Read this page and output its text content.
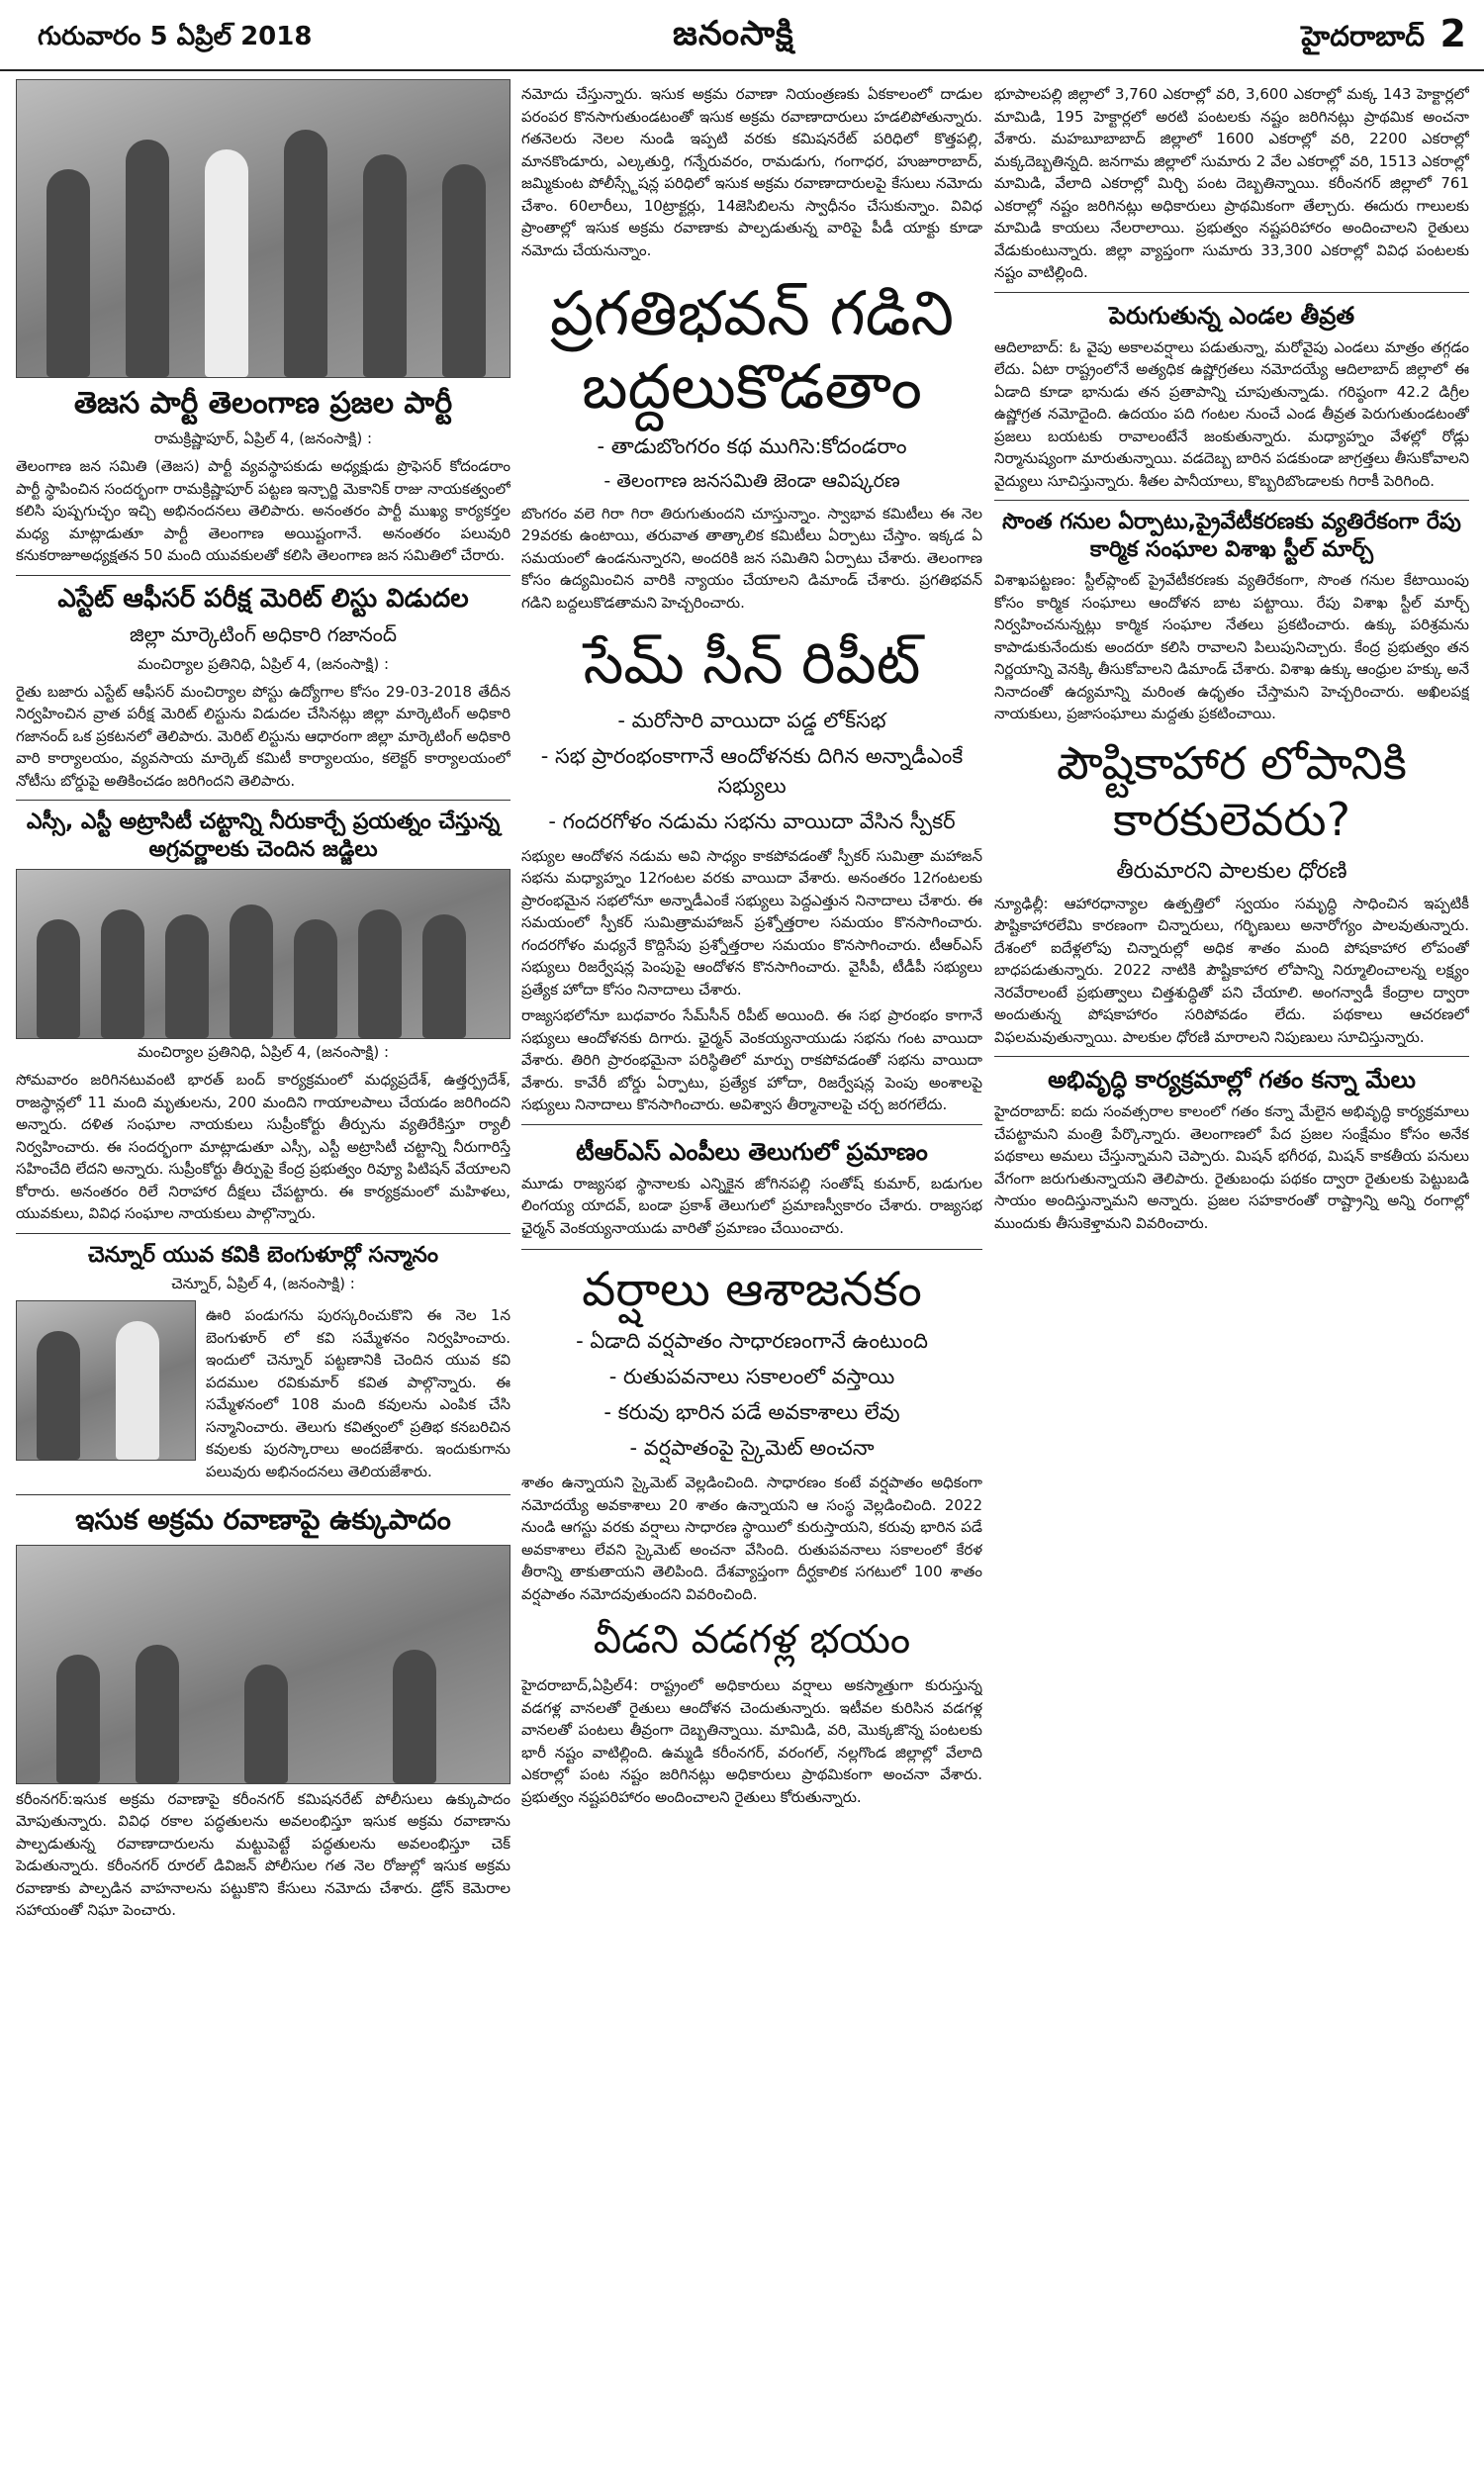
గురువారం 5 ఏప్రిల్ 2018	జనంసాక్షి	హైదరాబాద్ 2
తెజస పార్టీ తెలంగాణ ప్రజల పార్టీ
రామక్రిష్ణాపూర్, ఏప్రిల్ 4, (జనంసాక్షి) :
తెలంగాణ జన సమితి (తెజస) పార్టీ వ్యవస్థాపకుడు అధ్యక్షుడు ప్రొఫెసర్ కోదండరాం పార్టీ స్థాపించిన సందర్భంగా రామక్రిష్ణాపూర్ పట్టణ ఇన్చార్జి మెకానిక్ రాజు నాయకత్వంలో కలిసి పుష్పగుచ్ఛం ఇచ్చి అభినందనలు తెలిపారు. అనంతరం పార్టీ ముఖ్య కార్యకర్తల మధ్య మాట్లాడుతూ పార్టీ తెలంగాణ అయిష్టంగానే. అనంతరం పలువురి కనుకరాజూఅధ్యక్షతన 50 మంది యువకులతో కలిసి తెలంగాణ జన సమితిలో చేరారు.
ఎస్టేట్ ఆఫీసర్ పరీక్ష మెరిట్ లిస్టు విడుదల
జిల్లా మార్కెటింగ్ అధికారి గజానంద్
మంచిర్యాల ప్రతినిధి, ఏప్రిల్ 4, (జనంసాక్షి) :
రైతు బజారు ఎస్టేట్ ఆఫీసర్ మంచిర్యాల పోస్టు ఉద్యోగాల కోసం 29-03-2018 తేదీన నిర్వహించిన వ్రాత పరీక్ష మెరిట్ లిస్టును విడుదల చేసినట్లు జిల్లా మార్కెటింగ్ అధికారి గజానంద్ ఒక ప్రకటనలో తెలిపారు. మెరిట్ లిస్టును ఆధారంగా జిల్లా మార్కెటింగ్ అధికారి వారి కార్యాలయం, వ్యవసాయ మార్కెట్ కమిటీ కార్యాలయం, కలెక్టర్ కార్యాలయంలో నోటీసు బోర్డుపై అతికించడం జరిగిందని తెలిపారు.
ఎస్సీ, ఎస్టీ అట్రాసిటీ చట్టాన్ని నీరుకార్చే ప్రయత్నం చేస్తున్న అగ్రవర్ణాలకు చెందిన జడ్జిలు
మంచిర్యాల ప్రతినిధి, ఏప్రిల్ 4, (జనంసాక్షి) :
సోమవారం జరిగినటువంటి భారత్ బంద్ కార్యక్రమంలో మధ్యప్రదేశ్, ఉత్తర్ప్రదేశ్, రాజస్థాన్లలో 11 మంది మృతులను, 200 మందిని గాయాలపాలు చేయడం జరిగిందని అన్నారు. దళిత సంఘాల నాయకులు సుప్రీంకోర్టు తీర్పును వ్యతిరేకిస్తూ ర్యాలీ నిర్వహించారు. ఈ సందర్భంగా మాట్లాడుతూ ఎస్సీ, ఎస్టీ అట్రాసిటీ చట్టాన్ని నీరుగారిస్తే సహించేది లేదని అన్నారు. సుప్రీంకోర్టు తీర్పుపై కేంద్ర ప్రభుత్వం రివ్యూ పిటిషన్ వేయాలని కోరారు. అనంతరం రిలే నిరాహార దీక్షలు చేపట్టారు. ఈ కార్యక్రమంలో మహిళలు, యువకులు, వివిధ సంఘాల నాయకులు పాల్గొన్నారు.
చెన్నూర్ యువ కవికి బెంగుళూర్లో సన్మానం
చెన్నూర్, ఏప్రిల్ 4, (జనంసాక్షి) :
ఊరి పండుగను పురస్కరించుకొని ఈ నెల 1న బెంగుళూర్ లో కవి సమ్మేళనం నిర్వహించారు. ఇందులో చెన్నూర్ పట్టణానికి చెందిన యువ కవి పదముల రవికుమార్ కవిత పాల్గొన్నారు. ఈ సమ్మేళనంలో 108 మంది కవులను ఎంపిక చేసి సన్మానించారు. తెలుగు కవిత్వంలో ప్రతిభ కనబరిచిన కవులకు పురస్కారాలు అందజేశారు. ఇందుకుగాను పలువురు అభినందనలు తెలియజేశారు.
ఇసుక అక్రమ రవాణాపై ఉక్కుపాదం
కరీంనగర్:ఇసుక అక్రమ రవాణాపై కరీంనగర్ కమిషనరేట్ పోలీసులు ఉక్కుపాదం మోపుతున్నారు. వివిధ రకాల పద్ధతులను అవలంభిస్తూ ఇసుక అక్రమ రవాణాను పాల్పడుతున్న రవాణాదారులను మట్టుపెట్టే పద్ధతులను అవలంభిస్తూ చెక్ పెడుతున్నారు. కరీంనగర్ రూరల్ డివిజన్ పోలీసుల గత నెల రోజుల్లో ఇసుక అక్రమ రవాణాకు పాల్పడిన వాహనాలను పట్టుకొని కేసులు నమోదు చేశారు. డ్రోన్ కెమెరాల సహాయంతో నిఘా పెంచారు.
నమోదు చేస్తున్నారు. ఇసుక అక్రమ రవాణా నియంత్రణకు ఏకకాలంలో దాడుల పరంపర కొనసాగుతుండటంతో ఇసుక అక్రమ రవాణాదారులు హడలిపోతున్నారు. గతనెలరు నెలల నుండి ఇప్పటి వరకు కమిషనరేట్ పరిధిలో కొత్తపల్లి, మానకొండూరు, ఎల్కతుర్తి, గన్నేరువరం, రామడుగు, గంగాధర, హుజూరాబాద్, జమ్మికుంట పోలీస్స్టేషన్ల పరిధిలో ఇసుక అక్రమ రవాణాదారులపై కేసులు నమోదు చేశాం. 60లారీలు, 10ట్రాక్టర్లు, 14జెసిబిలను స్వాధీనం చేసుకున్నాం. వివిధ ప్రాంతాల్లో ఇసుక అక్రమ రవాణాకు పాల్పడుతున్న వారిపై పీడీ యాక్టు కూడా నమోదు చేయనున్నాం.
ప్రగతిభవన్ గడిని బద్దలుకొడతాం
- తాడుబొంగరం కథ ముగిసె:కోదండరాం
- తెలంగాణ జనసమితి జెండా ఆవిష్కరణ
బొంగరం వలె గిరా గిరా తిరుగుతుందని చూస్తున్నాం. స్వాభావ కమిటీలు ఈ నెల 29వరకు ఉంటాయి, తరువాత తాత్కాలిక కమిటీలు ఏర్పాటు చేస్తాం. ఇక్కడ ఏ సమయంలో ఉండనున్నారని, అందరికి జన సమితిని ఏర్పాటు చేశారు. తెలంగాణ కోసం ఉద్యమించిన వారికి న్యాయం చేయాలని డిమాండ్ చేశారు. ప్రగతిభవన్ గడిని బద్దలుకొడతామని హెచ్చరించారు.
సేమ్ సీన్ రిపీట్
- మరోసారి వాయిదా పడ్డ లోక్‌సభ
- సభ ప్రారంభంకాగానే ఆందోళనకు దిగిన అన్నాడీఎంకే సభ్యులు
- గందరగోళం నడుమ సభను వాయిదా వేసిన స్పీకర్
సభ్యుల ఆందోళన నడుమ అవి సాధ్యం కాకపోవడంతో స్పీకర్ సుమిత్రా మహాజన్ సభను మధ్యాహ్నం 12గంటల వరకు వాయిదా వేశారు. అనంతరం 12గంటలకు ప్రారంభమైన సభలోనూ అన్నాడీఎంకే సభ్యులు పెద్దఎత్తున నినాదాలు చేశారు. ఈ సమయంలో స్పీకర్ సుమిత్రామహాజన్ ప్రశ్నోత్తరాల సమయం కొనసాగించారు. గందరగోళం మధ్యనే కొద్దిసేపు ప్రశ్నోత్తరాల సమయం కొనసాగించారు. టీఆర్ఎస్ సభ్యులు రిజర్వేషన్ల పెంపుపై ఆందోళన కొనసాగించారు. వైసీపీ, టీడీపీ సభ్యులు ప్రత్యేక హోదా కోసం నినాదాలు చేశారు.
రాజ్యసభలోనూ బుధవారం సేమ్‌సీన్ రిపీట్ అయింది. ఈ సభ ప్రారంభం కాగానే సభ్యులు ఆందోళనకు దిగారు. ఛైర్మన్ వెంకయ్యనాయుడు సభను గంట వాయిదా వేశారు. తిరిగి ప్రారంభమైనా పరిస్థితిలో మార్పు రాకపోవడంతో సభను వాయిదా వేశారు. కావేరీ బోర్డు ఏర్పాటు, ప్రత్యేక హోదా, రిజర్వేషన్ల పెంపు అంశాలపై సభ్యులు నినాదాలు కొనసాగించారు. అవిశ్వాస తీర్మానాలపై చర్చ జరగలేదు.
టీఆర్ఎస్ ఎంపీలు తెలుగులో ప్రమాణం
మూడు రాజ్యసభ స్థానాలకు ఎన్నికైన జోగినపల్లి సంతోష్ కుమార్, బడుగుల లింగయ్య యాదవ్, బండా ప్రకాశ్ తెలుగులో ప్రమాణస్వీకారం చేశారు. రాజ్యసభ ఛైర్మన్ వెంకయ్యనాయుడు వారితో ప్రమాణం చేయించారు.
వర్షాలు ఆశాజనకం
- ఏడాది వర్షపాతం సాధారణంగానే ఉంటుంది
- రుతుపవనాలు సకాలంలో వస్తాయి
- కరువు భారిన పడే అవకాశాలు లేవు
- వర్షపాతంపై స్కైమెట్ అంచనా
శాతం ఉన్నాయని స్కైమెట్ వెల్లడించింది. సాధారణం కంటే వర్షపాతం అధికంగా నమోదయ్యే అవకాశాలు 20 శాతం ఉన్నాయని ఆ సంస్థ వెల్లడించింది. 2022 నుండి ఆగస్టు వరకు వర్షాలు సాధారణ స్థాయిలో కురుస్తాయని, కరువు భారిన పడే అవకాశాలు లేవని స్కైమెట్ అంచనా వేసింది. రుతుపవనాలు సకాలంలో కేరళ తీరాన్ని తాకుతాయని తెలిపింది. దేశవ్యాప్తంగా దీర్ఘకాలిక సగటులో 100 శాతం వర్షపాతం నమోదవుతుందని వివరించింది.
వీడని వడగళ్ల భయం
హైదరాబాద్,ఏప్రిల్4: రాష్ట్రంలో అధికారులు వర్షాలు అకస్మాత్తుగా కురుస్తున్న వడగళ్ల వానలతో రైతులు ఆందోళన చెందుతున్నారు. ఇటీవల కురిసిన వడగళ్ల వానలతో పంటలు తీవ్రంగా దెబ్బతిన్నాయి. మామిడి, వరి, మొక్కజొన్న పంటలకు భారీ నష్టం వాటిల్లింది. ఉమ్మడి కరీంనగర్, వరంగల్, నల్లగొండ జిల్లాల్లో వేలాది ఎకరాల్లో పంట నష్టం జరిగినట్లు అధికారులు ప్రాథమికంగా అంచనా వేశారు. ప్రభుత్వం నష్టపరిహారం అందించాలని రైతులు కోరుతున్నారు.
భూపాలపల్లి జిల్లాలో 3,760 ఎకరాల్లో వరి, 3,600 ఎకరాల్లో మక్క 143 హెక్టార్లలో మామిడి, 195 హెక్టార్లలో అరటి పంటలకు నష్టం జరిగినట్లు ప్రాథమిక అంచనా వేశారు. మహబూబాబాద్ జిల్లాలో 1600 ఎకరాల్లో వరి, 2200 ఎకరాల్లో మక్కదెబ్బతిన్నది. జనగామ జిల్లాలో సుమారు 2 వేల ఎకరాల్లో వరి, 1513 ఎకరాల్లో మామిడి, వేలాది ఎకరాల్లో మిర్చి పంట దెబ్బతిన్నాయి. కరీంనగర్ జిల్లాలో 761 ఎకరాల్లో నష్టం జరిగినట్లు అధికారులు ప్రాథమికంగా తేల్చారు. ఈదురు గాలులకు మామిడి కాయలు నేలరాలాయి. ప్రభుత్వం నష్టపరిహారం అందించాలని రైతులు వేడుకుంటున్నారు. జిల్లా వ్యాప్తంగా సుమారు 33,300 ఎకరాల్లో వివిధ పంటలకు నష్టం వాటిల్లింది.
పెరుగుతున్న ఎండల తీవ్రత
ఆదిలాబాద్: ఓ వైపు అకాలవర్షాలు పడుతున్నా, మరోవైపు ఎండలు మాత్రం తగ్గడం లేదు. ఏటా రాష్ట్రంలోనే అత్యధిక ఉష్ణోగ్రతలు నమోదయ్యే ఆదిలాబాద్ జిల్లాలో ఈ ఏడాది కూడా భానుడు తన ప్రతాపాన్ని చూపుతున్నాడు. గరిష్ఠంగా 42.2 డిగ్రీల ఉష్ణోగ్రత నమోదైంది. ఉదయం పది గంటల నుంచే ఎండ తీవ్రత పెరుగుతుండటంతో ప్రజలు బయటకు రావాలంటేనే జంకుతున్నారు. మధ్యాహ్నం వేళల్లో రోడ్లు నిర్మానుష్యంగా మారుతున్నాయి. వడదెబ్బ బారిన పడకుండా జాగ్రత్తలు తీసుకోవాలని వైద్యులు సూచిస్తున్నారు. శీతల పానీయాలు, కొబ్బరిబొండాలకు గిరాకీ పెరిగింది.
సొంత గనుల ఏర్పాటు,ప్రైవేటీకరణకు వ్యతిరేకంగా రేపు కార్మిక సంఘాల విశాఖ స్టీల్ మార్చ్
విశాఖపట్టణం: స్టీల్‌ప్లాంట్ ప్రైవేటీకరణకు వ్యతిరేకంగా, సొంత గనుల కేటాయింపు కోసం కార్మిక సంఘాలు ఆందోళన బాట పట్టాయి. రేపు విశాఖ స్టీల్ మార్చ్ నిర్వహించనున్నట్లు కార్మిక సంఘాల నేతలు ప్రకటించారు. ఉక్కు పరిశ్రమను కాపాడుకునేందుకు అందరూ కలిసి రావాలని పిలుపునిచ్చారు. కేంద్ర ప్రభుత్వం తన నిర్ణయాన్ని వెనక్కి తీసుకోవాలని డిమాండ్ చేశారు. విశాఖ ఉక్కు ఆంధ్రుల హక్కు అనే నినాదంతో ఉద్యమాన్ని మరింత ఉధృతం చేస్తామని హెచ్చరించారు. అఖిలపక్ష నాయకులు, ప్రజాసంఘాలు మద్దతు ప్రకటించాయి.
పౌష్టికాహార లోపానికి కారకులెవరు?
తీరుమారని పాలకుల ధోరణి
న్యూఢిల్లీ: ఆహారధాన్యాల ఉత్పత్తిలో స్వయం సమృద్ధి సాధించిన ఇప్పటికీ పౌష్టికాహారలేమి కారణంగా చిన్నారులు, గర్భిణులు అనారోగ్యం పాలవుతున్నారు. దేశంలో ఐదేళ్లలోపు చిన్నారుల్లో అధిక శాతం మంది పోషకాహార లోపంతో బాధపడుతున్నారు. 2022 నాటికి పౌష్టికాహార లోపాన్ని నిర్మూలించాలన్న లక్ష్యం నెరవేరాలంటే ప్రభుత్వాలు చిత్తశుద్ధితో పని చేయాలి. అంగన్వాడీ కేంద్రాల ద్వారా అందుతున్న పోషకాహారం సరిపోవడం లేదు. పథకాలు ఆచరణలో విఫలమవుతున్నాయి. పాలకుల ధోరణి మారాలని నిపుణులు సూచిస్తున్నారు.
అభివృద్ధి కార్యక్రమాల్లో గతం కన్నా మేలు
హైదరాబాద్: ఐదు సంవత్సరాల కాలంలో గతం కన్నా మేలైన అభివృద్ధి కార్యక్రమాలు చేపట్టామని మంత్రి పేర్కొన్నారు. తెలంగాణలో పేద ప్రజల సంక్షేమం కోసం అనేక పథకాలు అమలు చేస్తున్నామని చెప్పారు. మిషన్ భగీరథ, మిషన్ కాకతీయ పనులు వేగంగా జరుగుతున్నాయని తెలిపారు. రైతుబంధు పథకం ద్వారా రైతులకు పెట్టుబడి సాయం అందిస్తున్నామని అన్నారు. ప్రజల సహకారంతో రాష్ట్రాన్ని అన్ని రంగాల్లో ముందుకు తీసుకెళ్తామని వివరించారు.
